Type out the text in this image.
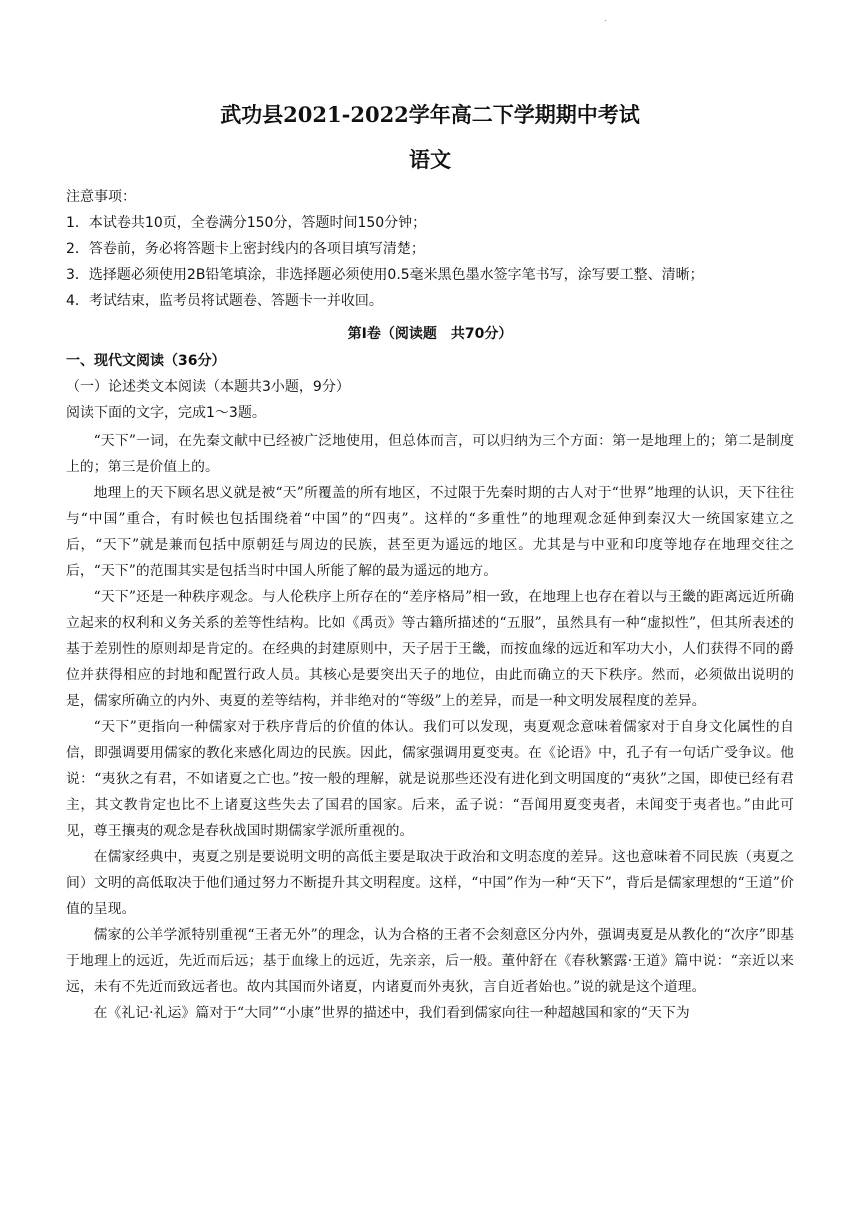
.
武功县2021-2022学年高二下学期期中考试
语文
注意事项：
1．本试卷共10页，全卷满分150分，答题时间150分钟；
2．答卷前，务必将答题卡上密封线内的各项目填写清楚；
3．选择题必须使用2B铅笔填涂，非选择题必须使用0.5毫米黑色墨水签字笔书写，涂写要工整、清晰；
4．考试结束，监考员将试题卷、答题卡一并收回。
第Ⅰ卷（阅读题　共70分）
一、现代文阅读（36分）
（一）论述类文本阅读（本题共3小题，9分）
阅读下面的文字，完成1～3题。

“天下”一词，在先秦文献中已经被广泛地使用，但总体而言，可以归纳为三个方面：第一是地理上的；第二是制度上的；第三是价值上的。

地理上的天下顾名思义就是被“天”所覆盖的所有地区，不过限于先秦时期的古人对于“世界”地理的认识，天下往往与“中国”重合，有时候也包括围绕着“中国”的“四夷”。这样的“多重性”的地理观念延伸到秦汉大一统国家建立之后，“天下”就是兼而包括中原朝廷与周边的民族，甚至更为遥远的地区。尤其是与中亚和印度等地存在地理交往之后，“天下”的范围其实是包括当时中国人所能了解的最为遥远的地方。

“天下”还是一种秩序观念。与人伦秩序上所存在的“差序格局”相一致，在地理上也存在着以与王畿的距离远近所确立起来的权利和义务关系的差等性结构。比如《禹贡》等古籍所描述的“五服”，虽然具有一种“虚拟性”，但其所表述的基于差别性的原则却是肯定的。在经典的封建原则中，天子居于王畿，而按血缘的远近和军功大小，人们获得不同的爵位并获得相应的封地和配置行政人员。其核心是要突出天子的地位，由此而确立的天下秩序。然而，必须做出说明的是，儒家所确立的内外、夷夏的差等结构，并非绝对的“等级”上的差异，而是一种文明发展程度的差异。

“天下”更指向一种儒家对于秩序背后的价值的体认。我们可以发现，夷夏观念意味着儒家对于自身文化属性的自信，即强调要用儒家的教化来感化周边的民族。因此，儒家强调用夏变夷。在《论语》中，孔子有一句话广受争议。他说：“夷狄之有君，不如诸夏之亡也。”按一般的理解，就是说那些还没有进化到文明国度的“夷狄”之国，即使已经有君主，其文教肯定也比不上诸夏这些失去了国君的国家。后来，孟子说：“吾闻用夏变夷者，未闻变于夷者也。”由此可见，尊王攘夷的观念是春秋战国时期儒家学派所重视的。

在儒家经典中，夷夏之别是要说明文明的高低主要是取决于政治和文明态度的差异。这也意味着不同民族（夷夏之间）文明的高低取决于他们通过努力不断提升其文明程度。这样，“中国”作为一种“天下”，背后是儒家理想的“王道”价值的呈现。

儒家的公羊学派特别重视“王者无外”的理念，认为合格的王者不会刻意区分内外，强调夷夏是从教化的“次序”即基于地理上的远近，先近而后远；基于血缘上的远近，先亲亲，后一般。董仲舒在《春秋繁露·王道》篇中说：“亲近以来远，未有不先近而致远者也。故内其国而外诸夏，内诸夏而外夷狄，言自近者始也。”说的就是这个道理。

在《礼记·礼运》篇对于“大同”“小康”世界的描述中，我们看到儒家向往一种超越国和家的“天下为
